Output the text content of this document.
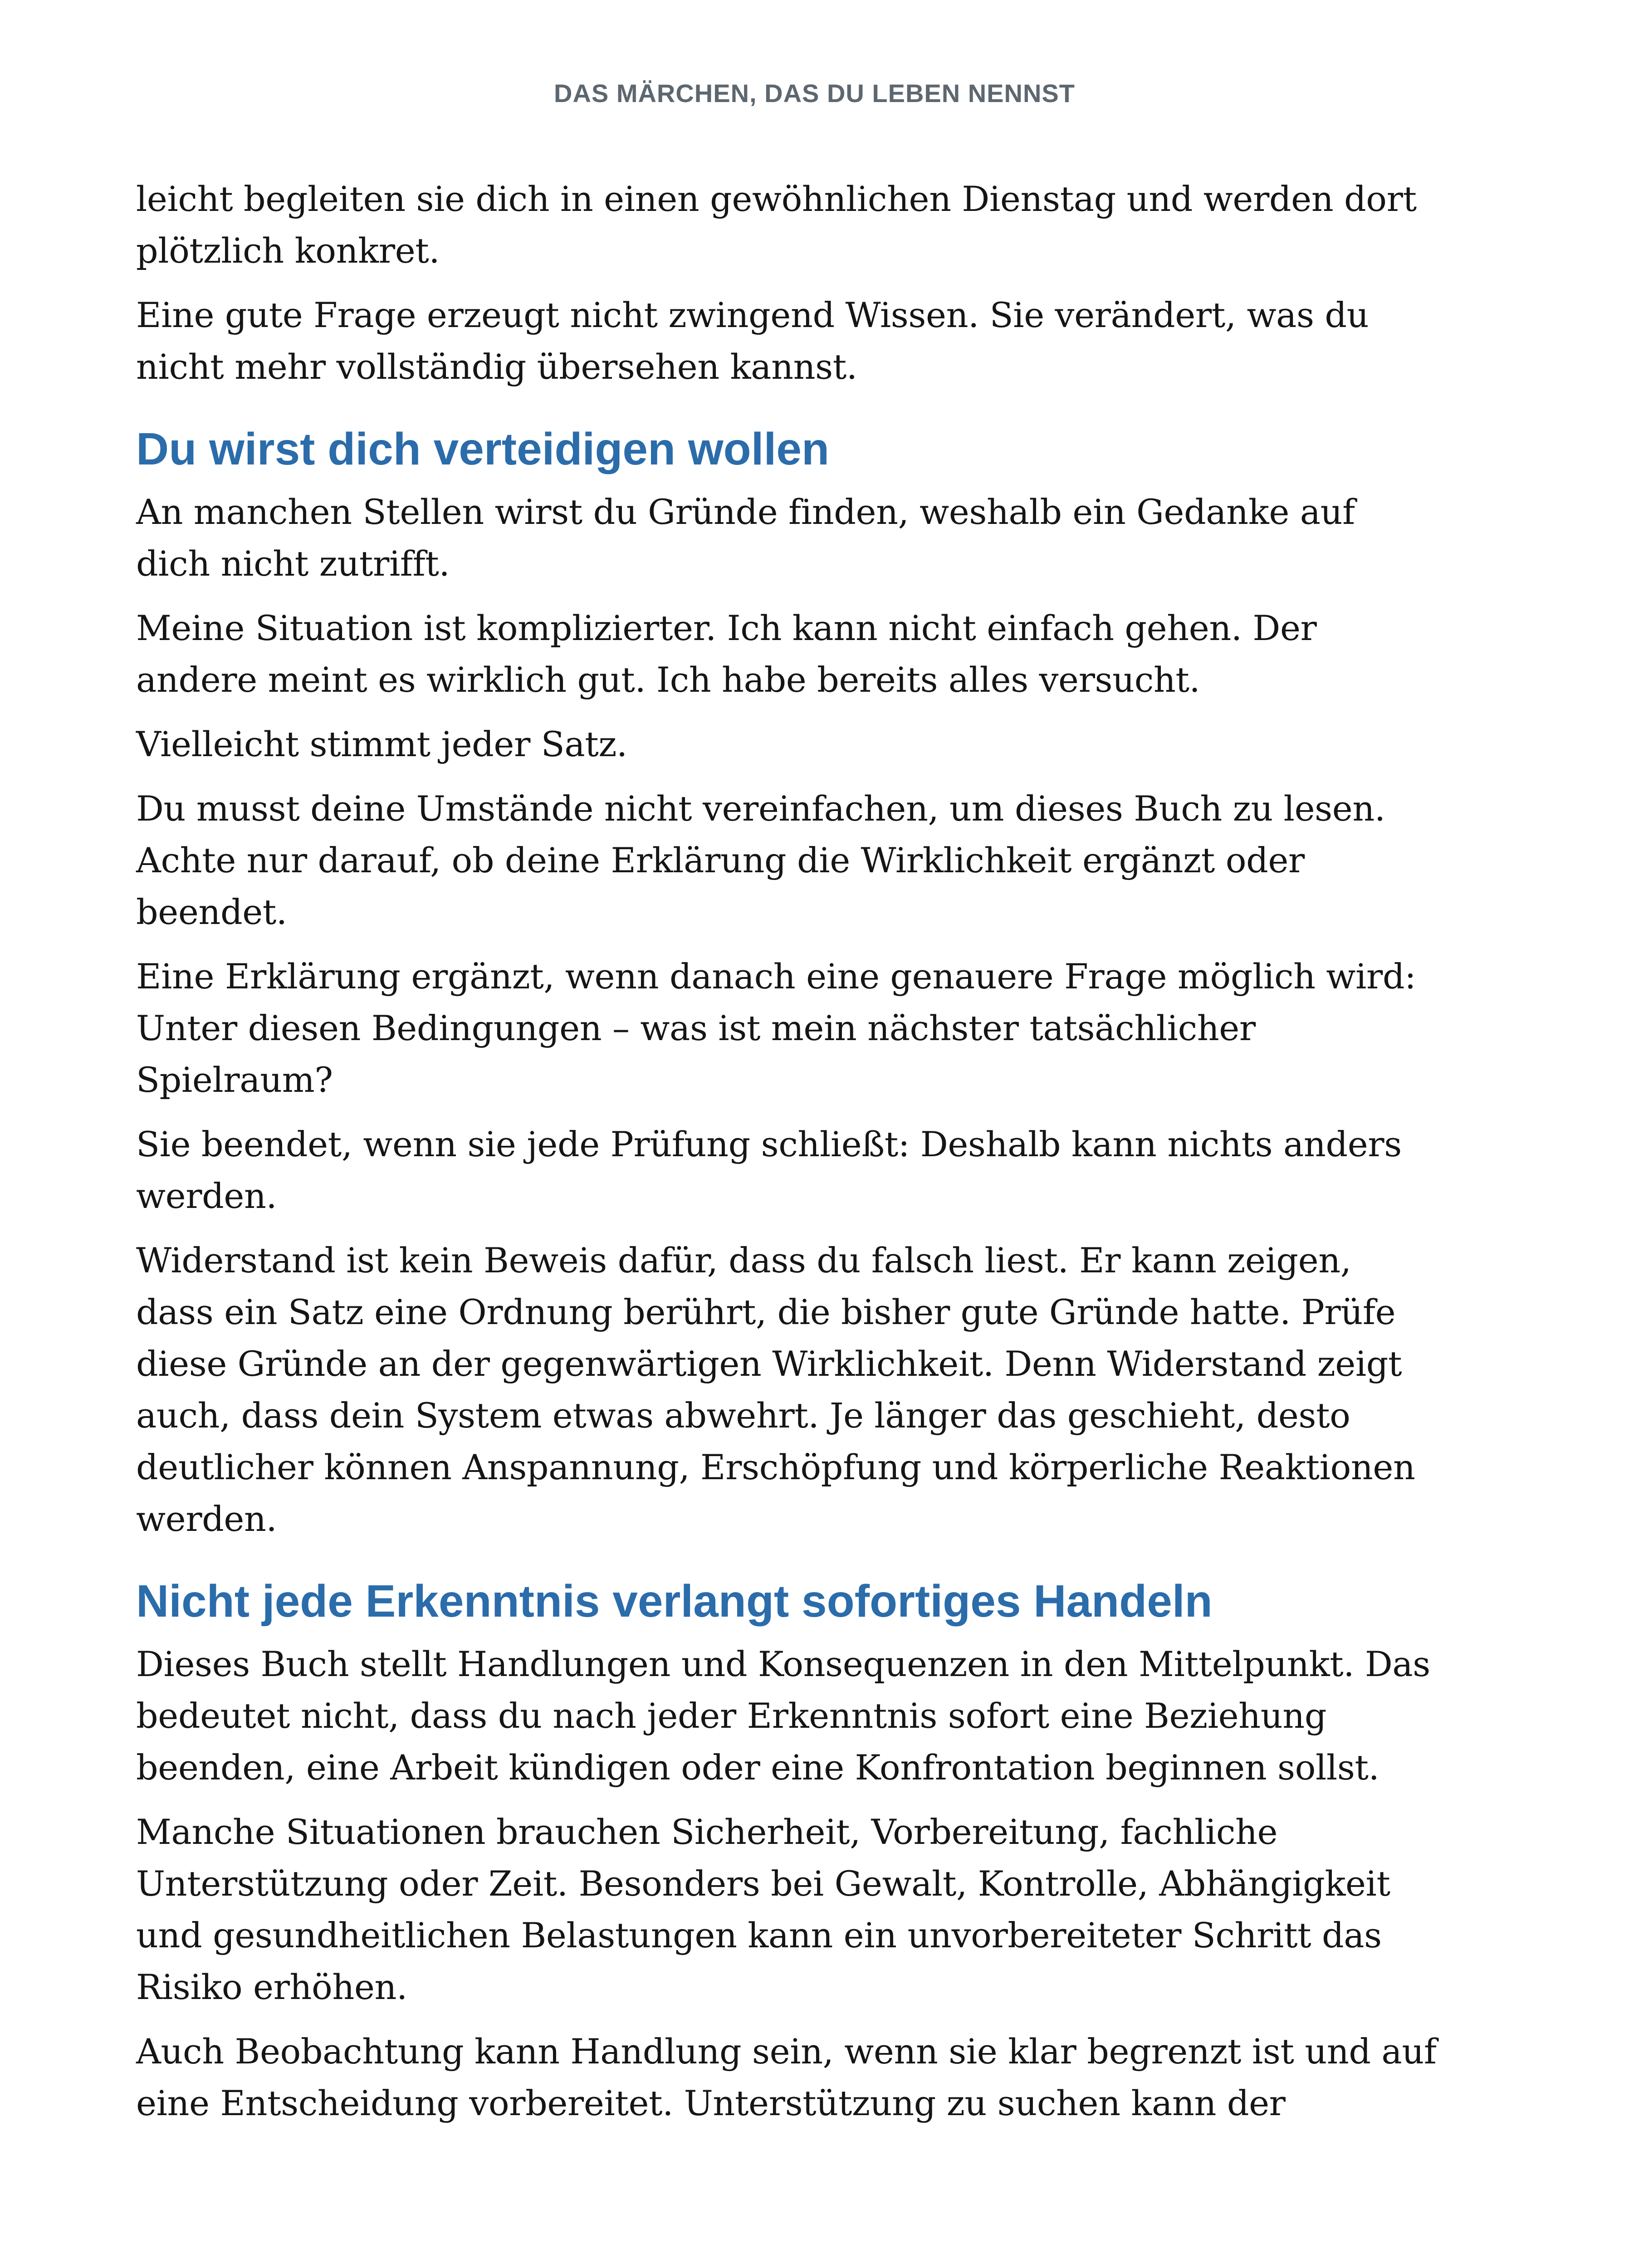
DAS MÄRCHEN, DAS DU LEBEN NENNST

leicht begleiten sie dich in einen gewöhnlichen Dienstag und werden dort plötzlich konkret.

Eine gute Frage erzeugt nicht zwingend Wissen. Sie verändert, was du nicht mehr vollständig übersehen kannst.

Du wirst dich verteidigen wollen

An manchen Stellen wirst du Gründe finden, weshalb ein Gedanke auf dich nicht zutrifft.

Meine Situation ist komplizierter. Ich kann nicht einfach gehen. Der andere meint es wirklich gut. Ich habe bereits alles versucht.

Vielleicht stimmt jeder Satz.

Du musst deine Umstände nicht vereinfachen, um dieses Buch zu lesen. Achte nur darauf, ob deine Erklärung die Wirklichkeit ergänzt oder beendet.

Eine Erklärung ergänzt, wenn danach eine genauere Frage möglich wird: Unter diesen Bedingungen – was ist mein nächster tatsächlicher Spielraum?

Sie beendet, wenn sie jede Prüfung schließt: Deshalb kann nichts anders werden.

Widerstand ist kein Beweis dafür, dass du falsch liest. Er kann zeigen, dass ein Satz eine Ordnung berührt, die bisher gute Gründe hatte. Prüfe diese Gründe an der gegenwärtigen Wirklichkeit. Denn Widerstand zeigt auch, dass dein System etwas abwehrt. Je länger das geschieht, desto deutlicher können Anspannung, Erschöpfung und körperliche Reaktionen werden.

Nicht jede Erkenntnis verlangt sofortiges Handeln

Dieses Buch stellt Handlungen und Konsequenzen in den Mittelpunkt. Das bedeutet nicht, dass du nach jeder Erkenntnis sofort eine Beziehung beenden, eine Arbeit kündigen oder eine Konfrontation beginnen sollst.

Manche Situationen brauchen Sicherheit, Vorbereitung, fachliche Unterstützung oder Zeit. Besonders bei Gewalt, Kontrolle, Abhängigkeit und gesundheitlichen Belastungen kann ein unvorbereiteter Schritt das Risiko erhöhen.

Auch Beobachtung kann Handlung sein, wenn sie klar begrenzt ist und auf eine Entscheidung vorbereitet. Unterstützung zu suchen kann der
